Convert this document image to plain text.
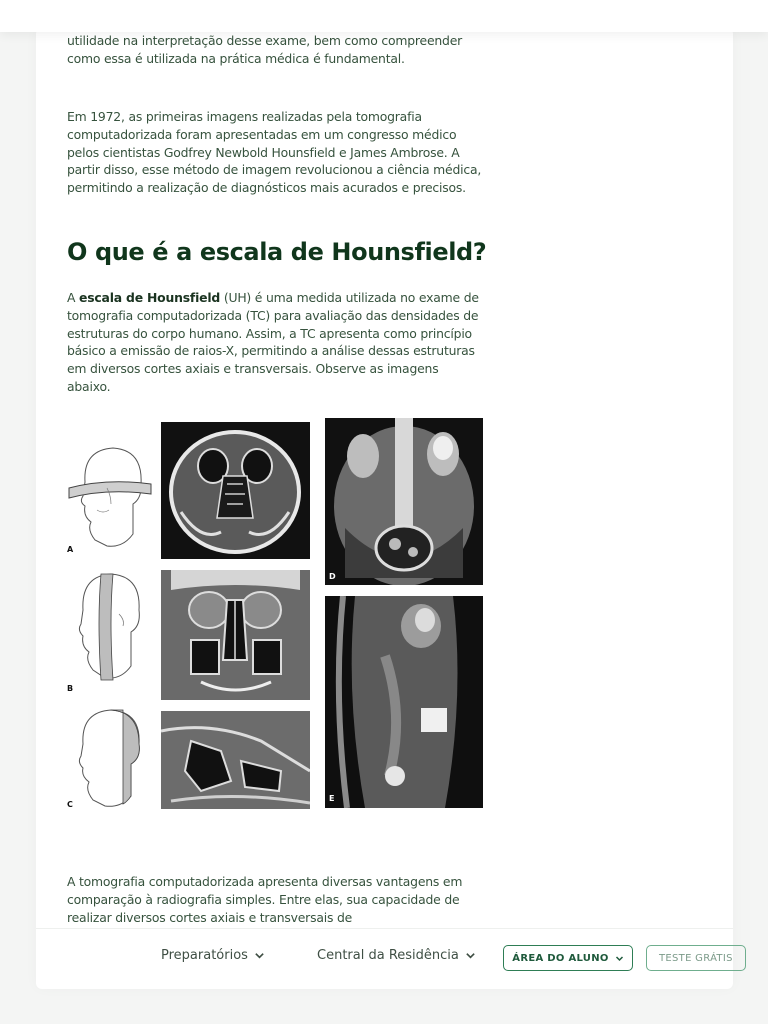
utilidade na interpretação desse exame, bem como compreender como essa é utilizada na prática médica é fundamental.

Em 1972, as primeiras imagens realizadas pela tomografia computadorizada foram apresentadas em um congresso médico pelos cientistas Godfrey Newbold Hounsfield e James Ambrose. A partir disso, esse método de imagem revolucionou a ciência médica, permitindo a realização de diagnósticos mais acurados e precisos.

O que é a escala de Hounsfield?

A escala de Hounsfield (UH) é uma medida utilizada no exame de tomografia computadorizada (TC) para avaliação das densidades de estruturas do corpo humano. Assim, a TC apresenta como princípio básico a emissão de raios-X, permitindo a análise dessas estruturas em diversos cortes axiais e transversais. Observe as imagens abaixo.

A tomografia computadorizada apresenta diversas vantagens em comparação à radiografia simples. Entre elas, sua capacidade de realizar diversos cortes axiais e transversais de

A
B
E
C
D
Preparatórios	Central da Residência	ÁREA DO ALUNO	TESTE GRÁTIS
